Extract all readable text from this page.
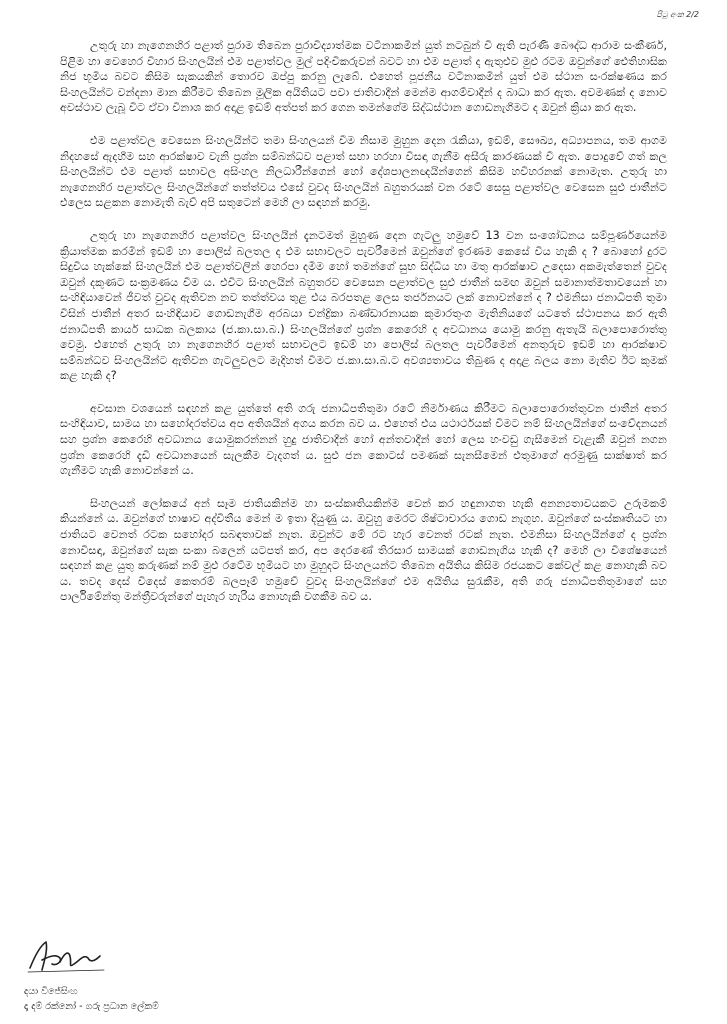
පිටු අංක 2/2

උතුරු හා නැගෙනහිර පළාත් පුරාම තිබෙන පුරාවිද්‍යාත්මක වටිනාකමින් යුත් නටබුන් වී ඇති පැරණි බෞද්ධ ආරාම සංකීර්ණ, පිළිම හා වෙහෙර විහාර සිංහලයින් එම පළාත්වල මුල් පදිංචිකරුවන් බවට හා එම පළාත් ද ඇතුළුව මුළු රටම ඔවුන්ගේ ඓතිහාසික නිජ භූමිය බවට කිසිම සැකයකින් තොරව ඔප්පු කරනු ලැබේ. එහෙත් පූජනීය වටිනාකමින් යුත් එම ස්ථාන සංරක්ෂණය කර සිංහලයින්ට වන්දනා මාන කිරීමට තිබෙන මූලික අයිතියට පවා ජාතිවාදීන් මෙන්ම ආගම්වාදීන් ද බාධා කර ඇත. අවමණක් ද නොව අවස්ථාව ලැබූ විට ඒවා විනාශ කර අදාළ ඉඩම් අත්පත් කර ගෙන තමන්ගේම සිද්ධස්ථාන ගොඩනැගීමට ද ඔවුන් ක්‍රියා කර ඇත.

එම පළාත්වල වෙසෙන සිංහලයින්ට තමා සිංහලයන් වීම නිසාම මුහුන දෙන රැකියා, ඉඩම්, සෞඛ්‍ය, අධ්‍යාපනය, තම ආගම නිදහසේ ඇදහීම සහ ආරක්ෂාව වැනි ප්‍රශ්න සම්බන්ධව පළාත් සභා හරහා විසඳා ගැනීම අසීරු කාරණයක් වී ඇත. පොදුවේ ගත් කල සිංහලයින්ට එම පළාත් සභාවල අසිංහල නිලධාරීන්ගෙන් හෝ දේශපාලනඥයින්ගෙන් කිසිම හවිහරනක් නොමැත. උතුරු හා නැගෙනහිර පළාත්වල සිංහලයින්ගේ තත්ත්වය එසේ වුවද සිංහලයින් බහුතරයක් වන රටේ සෙසු පළාත්වල වෙසෙන සුළු ජාතීන්ට එලෙස සළකන නොමැති බැව් අපි සතුටෙන් මෙහි ලා සඳහන් කරමු.

උතුරු හා නැගෙනහිර පළාත්වල සිංහලයින් දැනටමත් මුහුණ දෙන ගැටලු හමුවේ 13 වන සංශෝධනය සම්පූර්ණයෙන්ම ක්‍රියාත්මක කරමින් ඉඩම් හා පොලිස් බලතල ද එම සභාවලට පැවරීමෙන් ඔවුන්ගේ ඉරණම කෙසේ විය හැකි ද ? බොහෝ දුරට සිදුවිය හැක්කේ සිංහලයින් එම පළාත්වලින් හෙරපා දමීම හෝ තමන්ගේ සුභ සිද්ධිය හා මතු ආරක්ෂාව උදෙසා අකමැත්තෙන් වුවද ඔවුන් දකුණට සංක්‍රමණය වීම ය. එවිට සිංහලයින් බහුතරව වෙසෙන පළාත්වල සුළු ජාතීන් සමඟ ඔවුන් සමානාත්මතාවයෙන් හා සංහිඳියාවෙන් ජීවත් වුවද ඇතිවන නව තත්ත්වය තුළ එය බරපතළ ලෙස තර්ජනයට ලක් නොවන්නේ ද ? එමනිසා ජනාධිපති තුමා විසින් ජාතීන් අතර සංහිඳියාව ගොඩනැගීම අරබයා චන්ද්‍රිකා බණ්ඩාරනායක කුමාරතුංග මැතිනියගේ යටතේ ස්ථාපනය කර ඇති ජනාධිපති කාර්ය සාධක බලකාය (ජ.කා.සා.බ.) සිංහලයින්ගේ ප්‍රශ්න කෙරෙහි ද අවධානය යොමු කරනු ඇතැයි බලාපොරොත්තු වෙමු. එහෙත් උතුරු හා නැගෙනහිර පළාත් සභාවලට ඉඩම් හා පොලිස් බලතල පැවරීමෙන් අනතුරුව ඉඩම් හා ආරක්ෂාව සම්බන්ධව සිංහලයින්ට ඇතිවන ගැටලුවලට මැදිහත් වීමට ජ.කා.සා.බ.ට අවශ්‍යතාවය තිබුණ ද අදාළ බලය නො මැතිව ඊට කුමක් කළ හැකි ද?

අවසාන වශයෙන් සඳහන් කළ යුත්තේ අති ගරු ජනාධිපතිතුමා රටේ නිර්මාණය කිරීමට බලාපොරොත්තුවන ජාතීන් අතර සංහිඳියාව, සාමය හා සහෝදරත්වය අප අතිශයින් අගය කරන බව ය. එහෙත් එය යථාර්ථයක් වීමට නම් සිංහලයින්ගේ සංවේදනයන් සහ ප්‍රශ්න කෙරෙහි අවධානය යොමුකරන්නන් හුදු ජාතිවාදීන් හෝ අන්තවාදීන් හෝ ලෙස හංවඩු ගැසීමෙන් වැළැකී ඔවුන් නගන ප්‍රශ්න කෙරෙහි දැඩි අවධානයෙන් සැලකීම වැදගත් ය. සුළු ජන කොටස් පමණක් සැනසීමෙන් එතුමාගේ අරමුණු සාක්ෂාත් කර ගැනීමට හැකි නොවන්නේ ය.

සිංහලයන් ලෝකයේ අන් සෑම ජාතියකින්ම හා සංස්කෘතියකින්ම වෙන් කර හඳුනාගත හැකි අනන්‍යතාවයකට උරුමකම් කියන්නේ ය. ඔවුන්ගේ භාෂාව අද්විතීය මෙන් ම ඉතා දියුණු ය. ඔවුහු මෙරට ශිෂ්ටාචාරය ගොඩ නැගුහ. ඔවුන්ගේ සංස්කෘතියට හා ජාතියට වෙනත් රටක සහෝදර සබඳතාවක් නැත. ඔවුන්ට මේ රට හැර වෙනත් රටක් නැත. එමනිසා සිංහලයින්ගේ ද ප්‍රශ්න නොවිසඳා, ඔවුන්ගේ සැක සංකා බලෙන් යටපත් කර, අප දෙරණේ තිරසාර සාමයක් ගොඩනැගිය හැකි ද? මෙහි ලා විශේෂයෙන් සඳහන් කළ යුතු කරුණක් නම් මුළු රටේම භූමියට හා මුහුදට සිංහලයන්ට තිබෙන අයිතිය කිසිම රජයකට කේවල් කළ නොහැකි බව ය. තවද දෙස් විදෙස් කෙතරම් බලපෑම් හමුවේ වුවද සිංහලයින්ගේ එම අයිතිය සුරැකීම, අති ගරු ජනාධිපතිතුමාගේ සහ පාර්ලිමේන්තු මන්ත්‍රීවරුන්ගේ පැහැර හැරිය නොහැකි වගකීම බව ය.

දයා විජේසිංහ
දෑ දම් රක්නෝ - ගරු ප්‍රධාන ලේකම්
